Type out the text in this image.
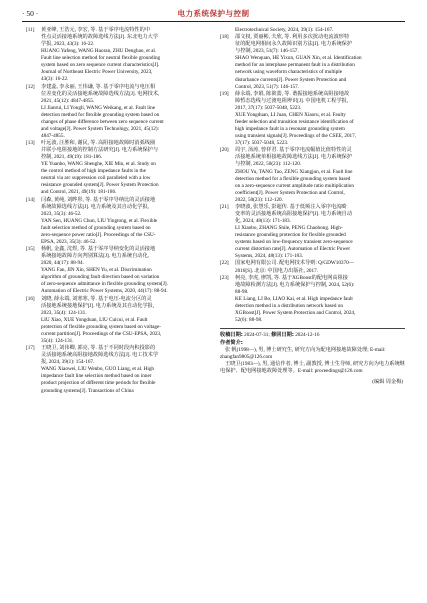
· 50 ·	电力系统保护与控制
[11]	黄亚峰, 王浩元, 李宏, 等. 基于零序电流特性的中
性点灵活接地系统的故障选线方法[J]. 东北电力大学
学报, 2023, 43(3): 16-22.
HUANG Yafeng, WANG Haoran, ZHU Denghao, et al.
Fault line selection method for neutral flexible grounding
system based on zero sequence current characteristics[J].
Journal of Northeast Electric Power University, 2023,
43(3): 16-22.
[12]	李建蕊, 李永丽, 王伟谦, 等. 基于零序电流与电压相
位差变化的灵活接地系统故障选线方法[J]. 电网技术,
2021, 45(12): 4847-4855.
LI Jianrui, LI Yongli, WANG Weikang, et al. Fault line
detection method for flexible grounding system based on
changes of phase difference between zero sequence current
and voltage[J]. Power System Technology, 2021, 45(12):
4847-4855.
[13]	叶远波, 汪胜和, 谢民, 等. 高阻接地故障时消弧线圈
并联小电阻接地的控制方法研究[J]. 电力系统保护与
控制, 2021, 49(19): 181-186.
YE Yuanbo, WANG Shenghe, XIE Min, et al. Study on
the control method of high impedance faults in the
neutral via arc suppression coil paralleled with a low
resistance grounded system[J]. Power System Protection
and Control, 2021, 49(19): 181-186.
[14]	闫森, 黄纯, 刘晔彤, 等. 基于零序导纳比的灵活接地
系统故障选线方法[J]. 电力系统及其自动化学报,
2023, 35(3): 46-52.
YAN Sen, HUANG Chun, LIU Yingtong, et al. Flexible
fault selection method of grounding system based on
zero-sequence power ratio[J]. Proceedings of the CSU-
EPSA, 2023, 35(3): 46-52.
[15]	杨帆, 金鑫, 沈煜, 等. 基于零序导纳变化的灵活接地
系统接地故障方向判别算法[J]. 电力系统自动化,
2020, 44(17): 88-94.
YANG Fan, JIN Xin, SHEN Yu, et al. Discrimination
algorithm of grounding fault direction based on variation
of zero-sequence admittance in flexible grounding system[J].
Automation of Electric Power Systems, 2020, 44(17): 88-94.
[16]	刘晓, 薛永端, 刘寒寒, 等. 基于电压-电流分区的灵
活接地系统接地保护[J]. 电力系统及其自动化学报,
2023, 35(4): 124-131.
LIU Xiao, XUE Yongduan, LIU Cuicui, et al. Fault
protection of flexible grounding system based on voltage-
current partition[J]. Proceedings of the CSU-EPSA, 2023,
35(4): 124-131.
[17]	王晓卫, 刘伟卿, 郭亮, 等. 基于不同时段内积投影的
灵活接地系统高阻接地故障选线方法[J]. 电工技术学
报, 2024, 39(1): 154-167.
WANG Xiaowei, LIU Wenbo, GUO Liang, et al. High
impedance fault line selection method based on inner
product projection of different time periods for flexible
grounding systems[J]. Transactions of China
Electrotechnical Society, 2024, 39(1): 154-167.
[18]	邵文权, 贾丽彬, 夫欣, 等. 利用多次扰动电流波形特
征的配电网相间永久故障识别方法[J]. 电力系统保护
与控制, 2023, 51(7): 146-157.
SHAO Wenquan, HE Yixun, GUAN Xin, et al. Identification
method for an interphase permanent fault in a distribution
network using waveform characteristics of multiple
disturbance currents[J]. Power System Protection and
Control, 2023, 51(7): 146-157.
[19]	薛永端, 李娟, 陈筱薷, 等. 谐振接地系统高阻接地故
障暂态选线与过渡电阻辨识[J]. 中国电机工程学报,
2017, 37(17): 5037-5048, 5223.
XUE Yongduan, LI Juan, CHEN Xiaoru, et al. Faulty
feeder selection and transition resistance identification of
high impedance fault in a resonant grounding system
using transient signals[J]. Proceedings of the CSEE, 2017,
37(17): 5037-5048, 5223.
[20]	周宇, 汤涛, 曾祥君. 基于零序电流幅值比值特性的灵
活接地系统单相接地故障选线方法[J]. 电力系统保护
与控制, 2022, 50(23): 112-120.
ZHOU Yu, TANG Tao, ZENG Xiangjun, et al. Fault line
detection method for a flexible grounding system based
on a zero-sequence current amplitude ratio multiplication
coefficient[J]. Power System Protection and Control,
2022, 50(23): 112-120.
[21]	李晓波, 张慧乐, 彭超传. 基于低频注入零序电流畸
变率的灵活接地系统高阻接地保护[J]. 电力系统自动
化, 2024, 48(13): 171-183.
LI Xiaobo, ZHANG Shile, PENG Chaohong. High-
resistance grounding protection for flexible grounded
systems based on low-frequency transient zero-sequence
current distortion rate[J]. Automation of Electric Power
Systems, 2024, 48(13): 171-183.
[22]	国家电网有限公司. 配电网技术导则: Q/GDW10370—
2016[S]. 北京: 中国电力出版社, 2017.
[23]	柯亮, 李虎, 廖凯, 等. 基于XGBoost的配电网高阻接
地故障检测方法[J]. 电力系统保护与控制, 2024, 52(6):
88-98.
KE Liang, LI Bo, LIAO Kai, et al. High impedance fault
detection method in a distribution network based on
XGBoost[J]. Power System Protection and Control, 2024,
52(6): 88-98.
收稿日期: 2024-07-31; 修回日期: 2024-12-16
作者简介:
张 帆(1998—), 男, 博士研究生, 研究方向为配电网接地故障处理; E-mail: zhangfan9805@126.com
王晓卫(1983—), 男, 通信作者, 博士, 副教授, 博士生导师, 研究方向为电力系统继电保护、配电网接地故障处理等。E-mail: proceedings@126.com
(编辑 周金梅)
